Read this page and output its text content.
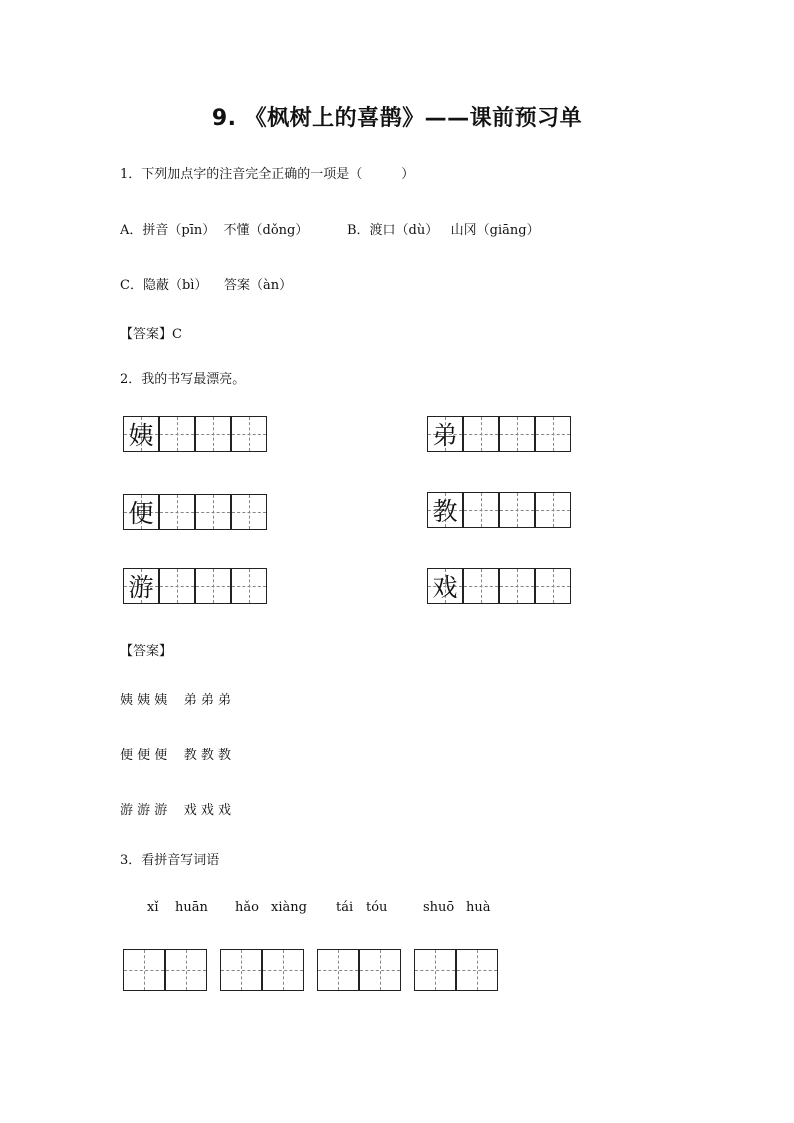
9. 《枫树上的喜鹊》——课前预习单
1．下列加点字的注音完全正确的一项是（　　　）
A．拼音（pīn）  不懂（dǒng）	B．渡口（dù）   山冈（giāng）
C．隐蔽（bì）    答案（àn）
【答案】C
2．我的书写最漂亮。
姨	弟
便	教
游	戏
【答案】
姨 姨 姨    弟 弟 弟
便 便 便    教 教 教
游 游 游    戏 戏 戏
3．看拼音写词语
xǐ huān hǎo xiàng tái tóu	shuō huà
